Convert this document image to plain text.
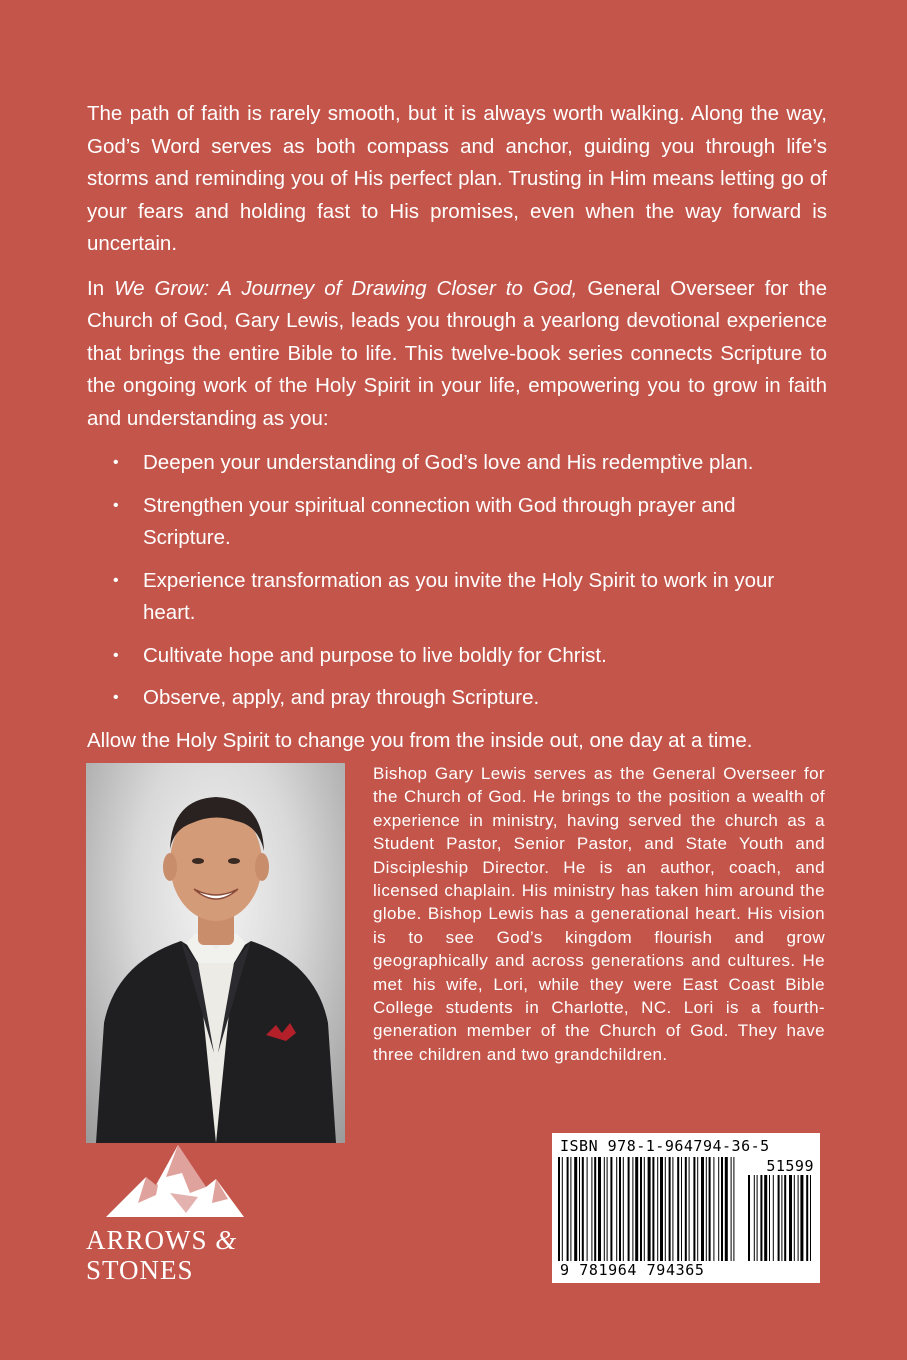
The path of faith is rarely smooth, but it is always worth walking. Along the way, God’s Word serves as both compass and anchor, guiding you through life’s storms and reminding you of His perfect plan. Trusting in Him means letting go of your fears and holding fast to His promises, even when the way forward is uncertain.

In We Grow: A Journey of Drawing Closer to God, General Overseer for the Church of God, Gary Lewis, leads you through a yearlong devotional experience that brings the entire Bible to life. This twelve-book series connects Scripture to the ongoing work of the Holy Spirit in your life, empowering you to grow in faith and understanding as you:

• Deepen your understanding of God’s love and His redemptive plan.
• Strengthen your spiritual connection with God through prayer and Scripture.
• Experience transformation as you invite the Holy Spirit to work in your heart.
• Cultivate hope and purpose to live boldly for Christ.
• Observe, apply, and pray through Scripture.

Allow the Holy Spirit to change you from the inside out, one day at a time.

Bishop Gary Lewis serves as the General Overseer for the Church of God. He brings to the position a wealth of experience in ministry, having served the church as a Student Pastor, Senior Pastor, and State Youth and Discipleship Director. He is an author, coach, and licensed chaplain. His ministry has taken him around the globe. Bishop Lewis has a generational heart. His vision is to see God’s kingdom flourish and grow geographically and across generations and cultures. He met his wife, Lori, while they were East Coast Bible College students in Charlotte, NC. Lori is a fourth-generation member of the Church of God. They have three children and two grandchildren.

ARROWS &
STONES
ISBN 978-1-964794-36-5
51599
9 781964 794365
